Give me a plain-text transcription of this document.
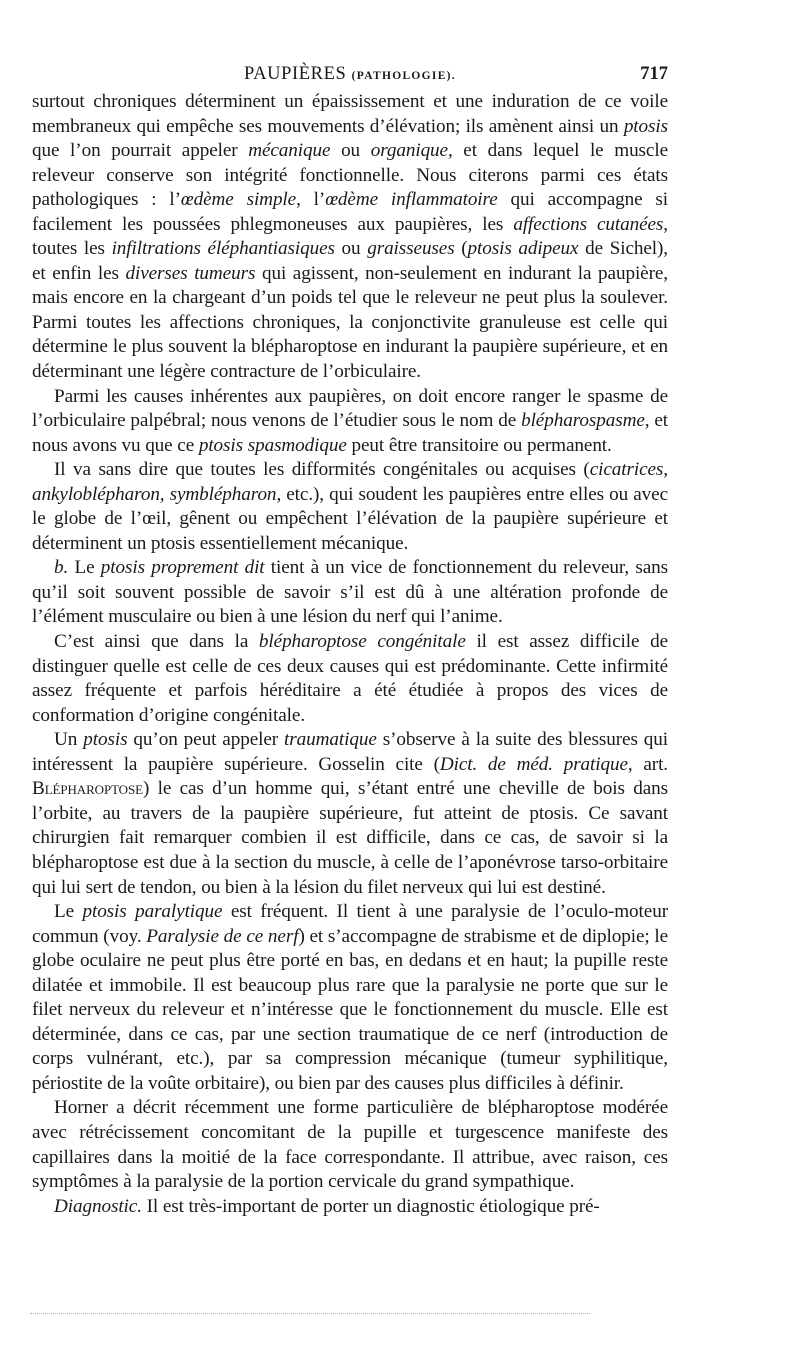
PAUPIÈRES (PATHOLOGIE).	717

surtout chroniques déterminent un épaississement et une induration de ce voile membraneux qui empêche ses mouvements d’élévation; ils amènent ainsi un ptosis que l’on pourrait appeler mécanique ou organique, et dans lequel le muscle releveur conserve son intégrité fonctionnelle. Nous citerons parmi ces états pathologiques : l’œdème simple, l’œdème inflammatoire qui accompagne si facilement les poussées phlegmoneuses aux paupières, les affections cutanées, toutes les infiltrations éléphantiasiques ou graisseuses (ptosis adipeux de Sichel), et enfin les diverses tumeurs qui agissent, non-seulement en indurant la paupière, mais encore en la chargeant d’un poids tel que le releveur ne peut plus la soulever. Parmi toutes les affections chroniques, la conjonctivite granuleuse est celle qui détermine le plus souvent la blépharoptose en indurant la paupière supérieure, et en déterminant une légère contracture de l’orbiculaire.

Parmi les causes inhérentes aux paupières, on doit encore ranger le spasme de l’orbiculaire palpébral; nous venons de l’étudier sous le nom de blépharospasme, et nous avons vu que ce ptosis spasmodique peut être transitoire ou permanent.

Il va sans dire que toutes les difformités congénitales ou acquises (cicatrices, ankyloblépharon, symblépharon, etc.), qui soudent les paupières entre elles ou avec le globe de l’œil, gênent ou empêchent l’élévation de la paupière supérieure et déterminent un ptosis essentiellement mécanique.

b. Le ptosis proprement dit tient à un vice de fonctionnement du releveur, sans qu’il soit souvent possible de savoir s’il est dû à une altération profonde de l’élément musculaire ou bien à une lésion du nerf qui l’anime.

C’est ainsi que dans la blépharoptose congénitale il est assez difficile de distinguer quelle est celle de ces deux causes qui est prédominante. Cette infirmité assez fréquente et parfois héréditaire a été étudiée à propos des vices de conformation d’origine congénitale.

Un ptosis qu’on peut appeler traumatique s’observe à la suite des blessures qui intéressent la paupière supérieure. Gosselin cite (Dict. de méd. pratique, art. Blépharoptose) le cas d’un homme qui, s’étant entré une cheville de bois dans l’orbite, au travers de la paupière supérieure, fut atteint de ptosis. Ce savant chirurgien fait remarquer combien il est difficile, dans ce cas, de savoir si la blépharoptose est due à la section du muscle, à celle de l’aponévrose tarso-orbitaire qui lui sert de tendon, ou bien à la lésion du filet nerveux qui lui est destiné.

Le ptosis paralytique est fréquent. Il tient à une paralysie de l’oculo-moteur commun (voy. Paralysie de ce nerf) et s’accompagne de strabisme et de diplopie; le globe oculaire ne peut plus être porté en bas, en dedans et en haut; la pupille reste dilatée et immobile. Il est beaucoup plus rare que la paralysie ne porte que sur le filet nerveux du releveur et n’intéresse que le fonctionnement du muscle. Elle est déterminée, dans ce cas, par une section traumatique de ce nerf (introduction de corps vulnérant, etc.), par sa compression mécanique (tumeur syphilitique, périostite de la voûte orbitaire), ou bien par des causes plus difficiles à définir.

Horner a décrit récemment une forme particulière de blépharoptose modérée avec rétrécissement concomitant de la pupille et turgescence manifeste des capillaires dans la moitié de la face correspondante. Il attribue, avec raison, ces symptômes à la paralysie de la portion cervicale du grand sympathique.

Diagnostic. Il est très-important de porter un diagnostic étiologique pré-
